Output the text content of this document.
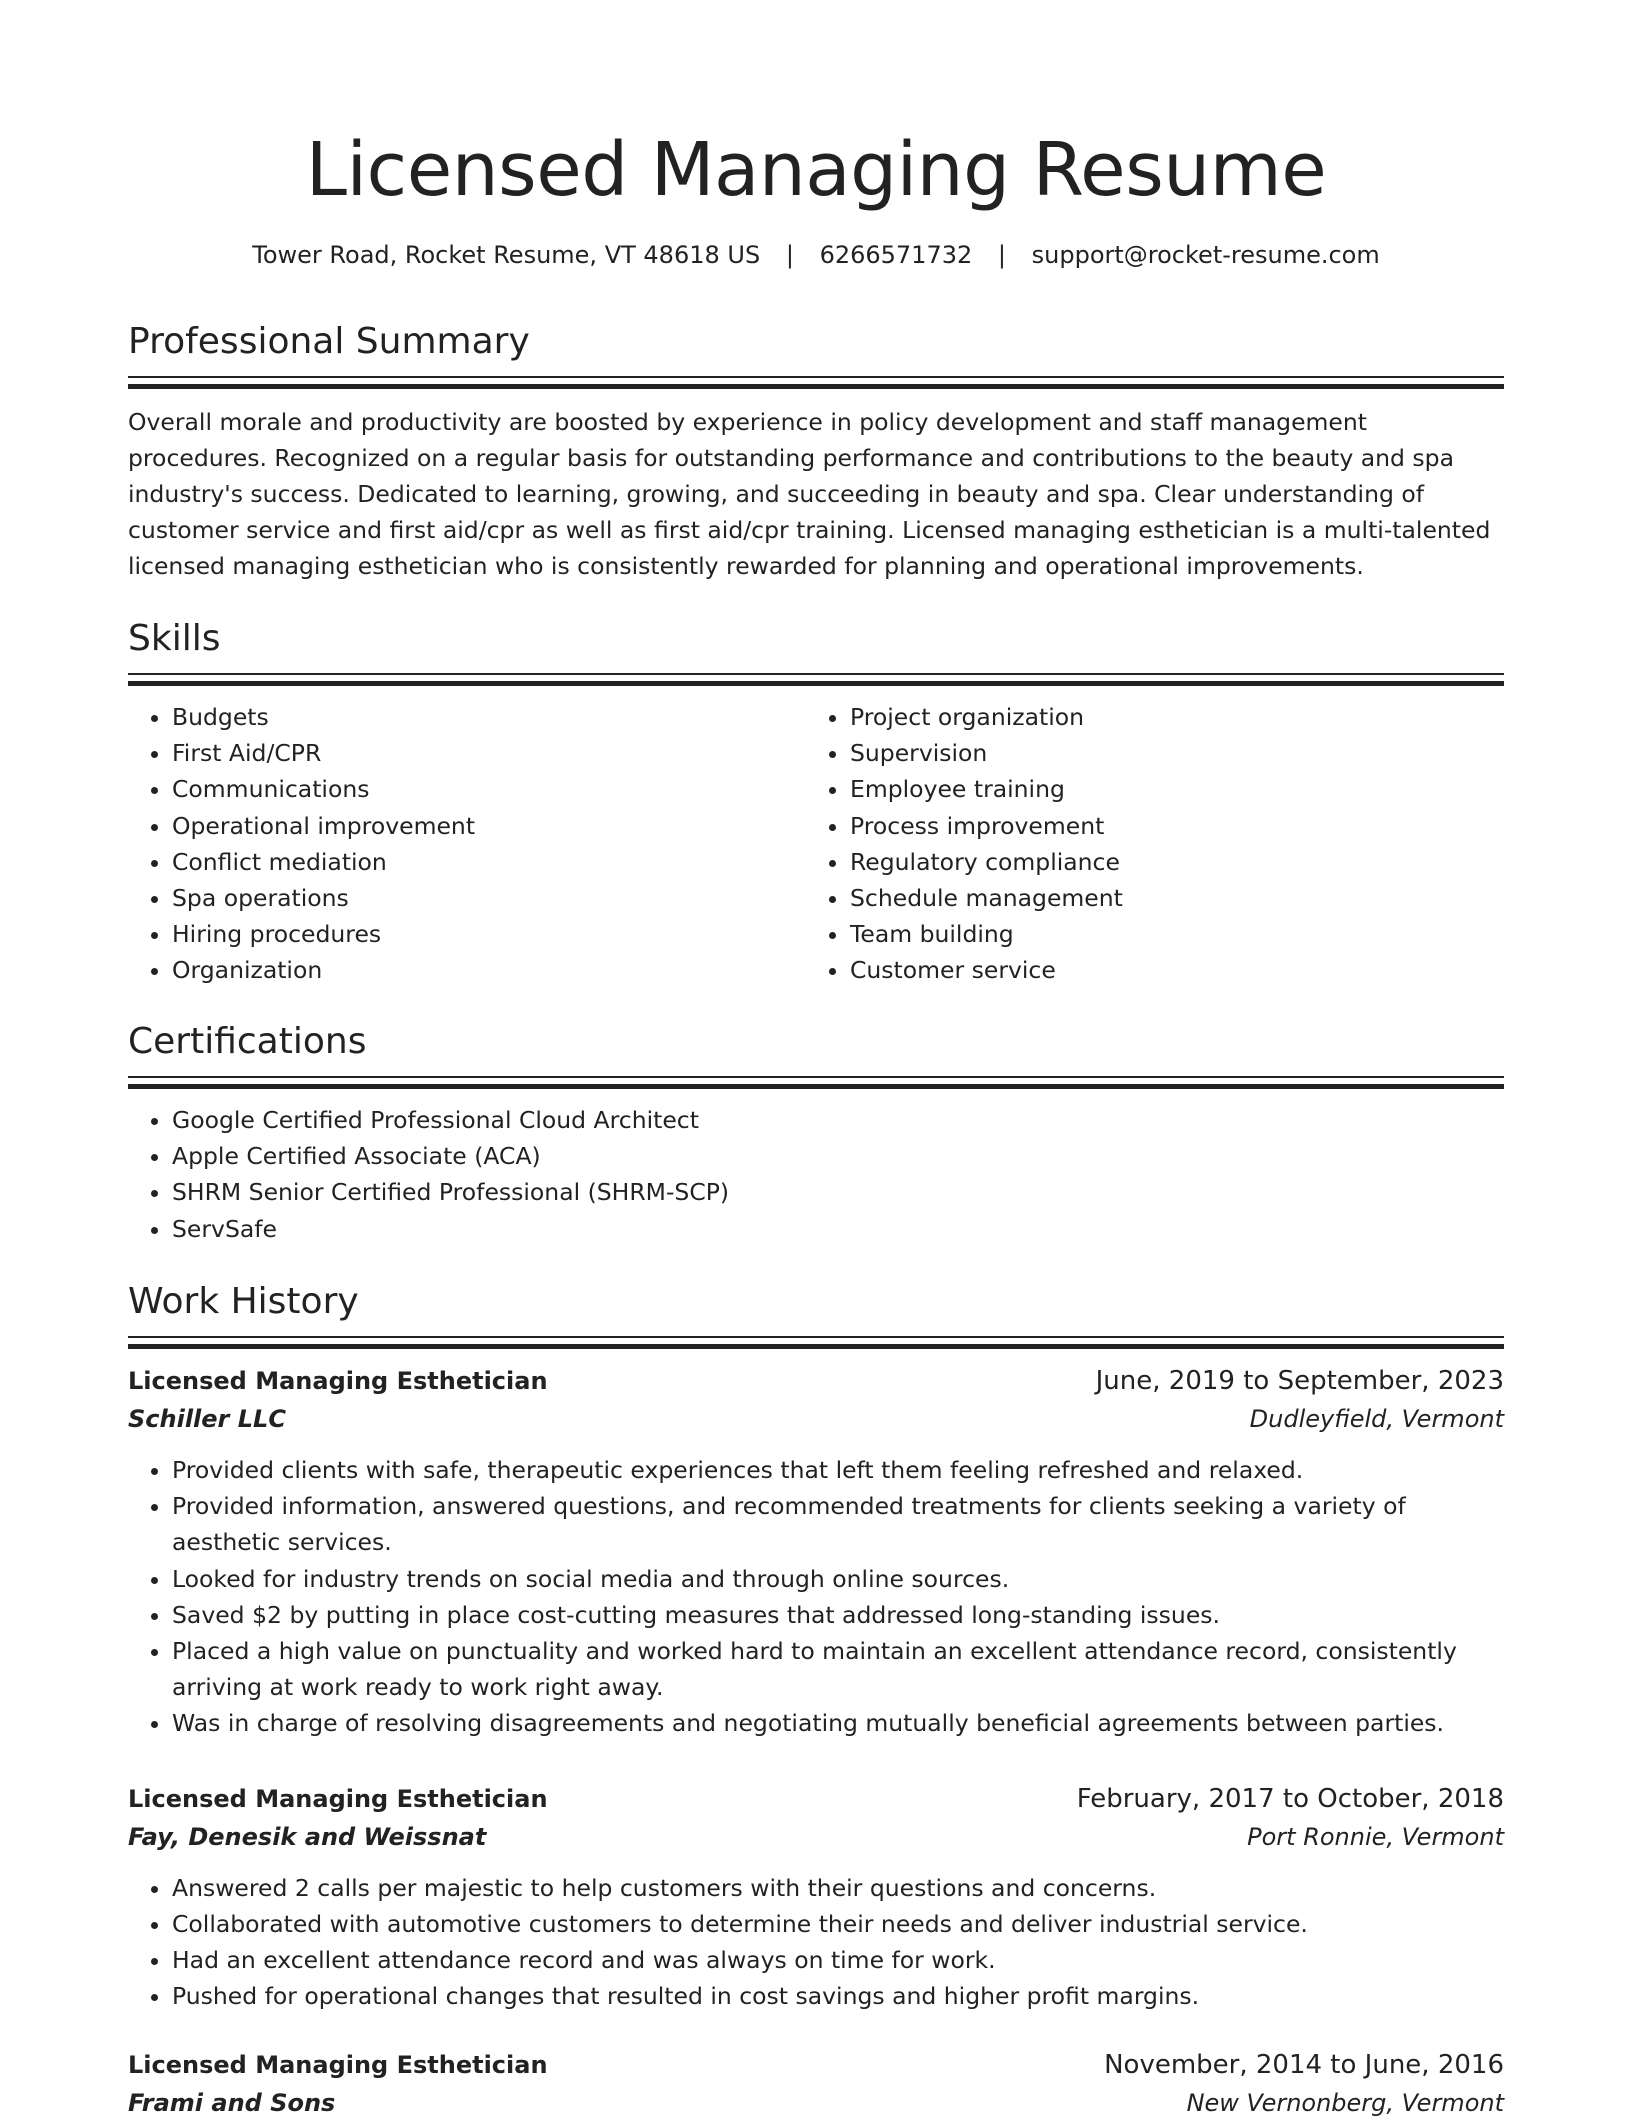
Licensed Managing Resume
Tower Road, Rocket Resume, VT 48618 US | 6266571732 | support@rocket-resume.com
Professional Summary
Overall morale and productivity are boosted by experience in policy development and staff management procedures. Recognized on a regular basis for outstanding performance and contributions to the beauty and spa industry's success. Dedicated to learning, growing, and succeeding in beauty and spa. Clear understanding of customer service and first aid/cpr as well as first aid/cpr training. Licensed managing esthetician is a multi-talented licensed managing esthetician who is consistently rewarded for planning and operational improvements.
Skills
• Budgets
• First Aid/CPR
• Communications
• Operational improvement
• Conflict mediation
• Spa operations
• Hiring procedures
• Organization
• Project organization
• Supervision
• Employee training
• Process improvement
• Regulatory compliance
• Schedule management
• Team building
• Customer service
Certifications
• Google Certified Professional Cloud Architect
• Apple Certified Associate (ACA)
• SHRM Senior Certified Professional (SHRM-SCP)
• ServSafe
Work History
Licensed Managing Esthetician	June, 2019 to September, 2023
Schiller LLC	Dudleyfield, Vermont
• Provided clients with safe, therapeutic experiences that left them feeling refreshed and relaxed.
• Provided information, answered questions, and recommended treatments for clients seeking a variety of aesthetic services.
• Looked for industry trends on social media and through online sources.
• Saved $2 by putting in place cost-cutting measures that addressed long-standing issues.
• Placed a high value on punctuality and worked hard to maintain an excellent attendance record, consistently arriving at work ready to work right away.
• Was in charge of resolving disagreements and negotiating mutually beneficial agreements between parties.
Licensed Managing Esthetician	February, 2017 to October, 2018
Fay, Denesik and Weissnat	Port Ronnie, Vermont
• Answered 2 calls per majestic to help customers with their questions and concerns.
• Collaborated with automotive customers to determine their needs and deliver industrial service.
• Had an excellent attendance record and was always on time for work.
• Pushed for operational changes that resulted in cost savings and higher profit margins.
Licensed Managing Esthetician	November, 2014 to June, 2016
Frami and Sons	New Vernonberg, Vermont
